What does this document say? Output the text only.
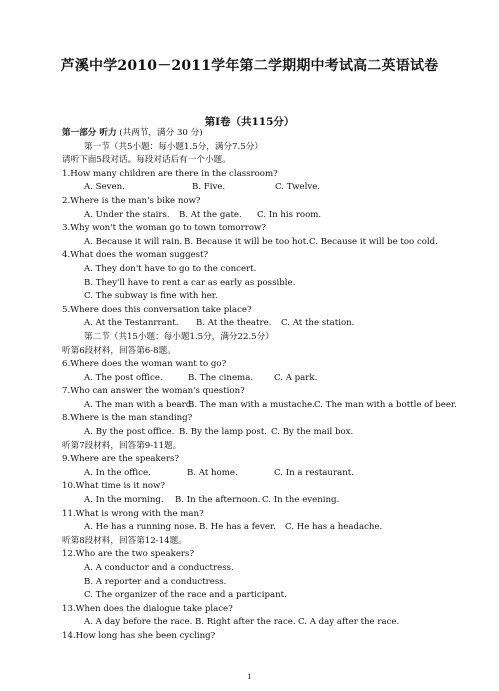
芦溪中学2010－2011学年第二学期期中考试高二英语试卷
第Ⅰ卷（共115分）
第一部分 听力 (共两节，满分 30 分)
第一节（共5小题：每小题1.5分，满分7.5分）
请听下面5段对话。每段对话后有一个小题。
1.How many children are there in the classroom?
A. Seven.	B. Five.	C. Twelve.
2.Where is the man's bike now?
A. Under the stairs.	B. At the gate.	C. In his room.
3.Why won't the woman go to town tomorrow?
A. Because it will rain. B. Because it will be too hot. C. Because it will be too cold.
4.What does the woman suggest?
A. They don't have to go to the concert.
B. They'll have to rent a car as early as possible.
C. The subway is fine with her.
5.Where does this conversation take place?
A. At the Testanrrant.	B. At the theatre.	C. At the station.
第二节（共15小题：每小题1.5分，满分22.5分）
听第6段材料，回答第6-8题。
6.Where does the woman want to go?
A. The post office.	B. The cinema.	C. A park.
7.Who can answer the woman's question?
A. The man with a beard.
B. The man with a mustache. C. The man with a bottle of beer.
8.Where is the man standing?
A. By the post office. B. By the lamp post. C. By the mail box.
听第7段材料，回答第9-11题。
9.Where are the speakers?
A. In the office.	B. At home.	C. In a restaurant.
10.What time is it now?
A. In the morning.	B. In the afternoon. C. In the evening.
11.What is wrong with the man?
A. He has a running nose. B. He has a fever.	C. He has a headache.
听第8段材料，回答第12-14题。
12.Who are the two speakers?
A. A conductor and a conductress.
B. A reporter and a conductress.
C. The organizer of the race and a participant.
13.When does the dialogue take place?
A. A day before the race. B. Right after the race. C. A day after the race.
14.How long has she been cycling?
1
